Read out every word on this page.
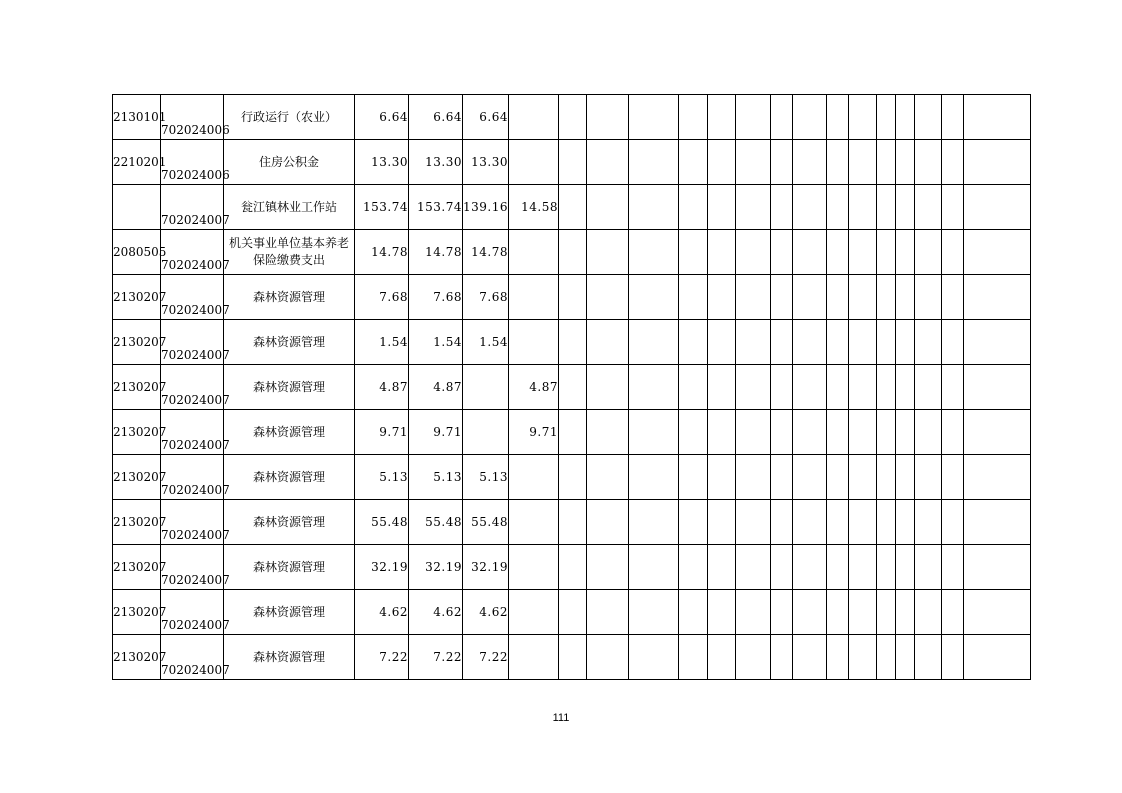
2130101	702024006	行政运行（农业）	6.64	6.64	6.64																
2210201	702024006	住房公积金	13.30	13.30	13.30																
	702024007	瓮江镇林业工作站	153.74	153.74	139.16	14.58															
2080505	702024007	机关事业单位基本养老保险缴费支出	14.78	14.78	14.78																
2130207	702024007	森林资源管理	7.68	7.68	7.68																
2130207	702024007	森林资源管理	1.54	1.54	1.54																
2130207	702024007	森林资源管理	4.87	4.87		4.87															
2130207	702024007	森林资源管理	9.71	9.71		9.71															
2130207	702024007	森林资源管理	5.13	5.13	5.13																
2130207	702024007	森林资源管理	55.48	55.48	55.48																
2130207	702024007	森林资源管理	32.19	32.19	32.19																
2130207	702024007	森林资源管理	4.62	4.62	4.62																
2130207	702024007	森林资源管理	7.22	7.22	7.22																
111
